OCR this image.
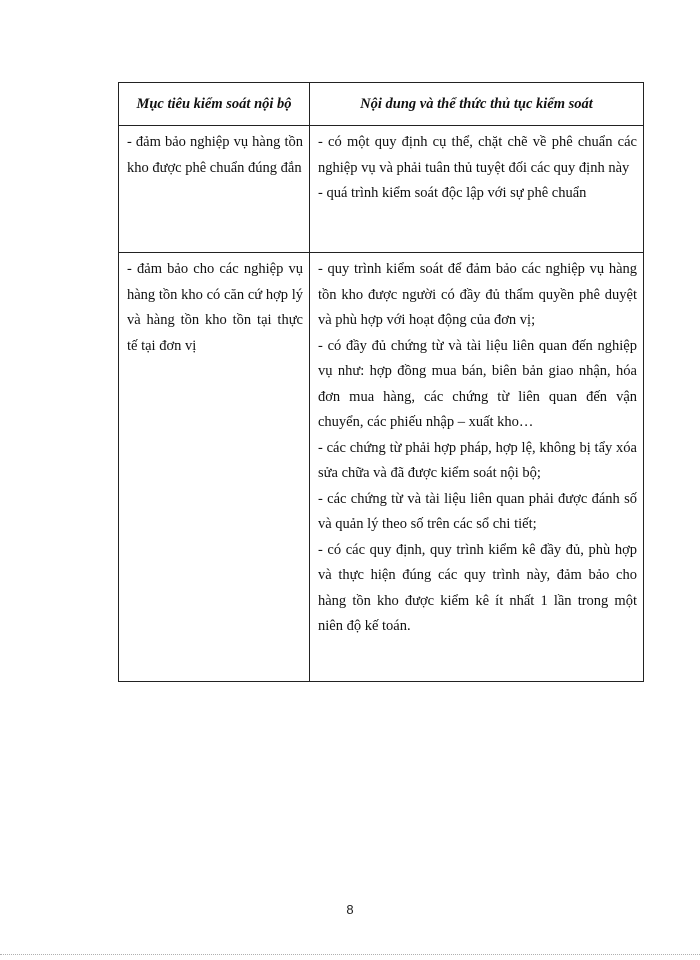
Mục tiêu kiểm soát nội bộ	Nội dung và thể thức thủ tục kiểm soát

- đảm bảo nghiệp vụ hàng tồn kho được phê chuẩn đúng đắn	- có một quy định cụ thể, chặt chẽ về phê chuẩn các nghiệp vụ và phải tuân thủ tuyệt đối các quy định này
- quá trình kiểm soát độc lập với sự phê chuẩn

- đảm bảo cho các nghiệp vụ hàng tồn kho có căn cứ hợp lý và hàng tồn kho tồn tại thực tế tại đơn vị	- quy trình kiểm soát để đảm bảo các nghiệp vụ hàng tồn kho được người có đầy đủ thẩm quyền phê duyệt và phù hợp với hoạt động của đơn vị;
- có đầy đủ chứng từ và tài liệu liên quan đến nghiệp vụ như: hợp đồng mua bán, biên bản giao nhận, hóa đơn mua hàng, các chứng từ liên quan đến vận chuyển, các phiếu nhập – xuất kho…
- các chứng từ phải hợp pháp, hợp lệ, không bị tẩy xóa sửa chữa và đã được kiểm soát nội bộ;
- các chứng từ và tài liệu liên quan phải được đánh số và quản lý theo số trên các sổ chi tiết;
- có các quy định, quy trình kiểm kê đầy đủ, phù hợp và thực hiện đúng các quy trình này, đảm bảo cho hàng tồn kho được kiểm kê ít nhất 1 lần trong một niên độ kế toán.
8
